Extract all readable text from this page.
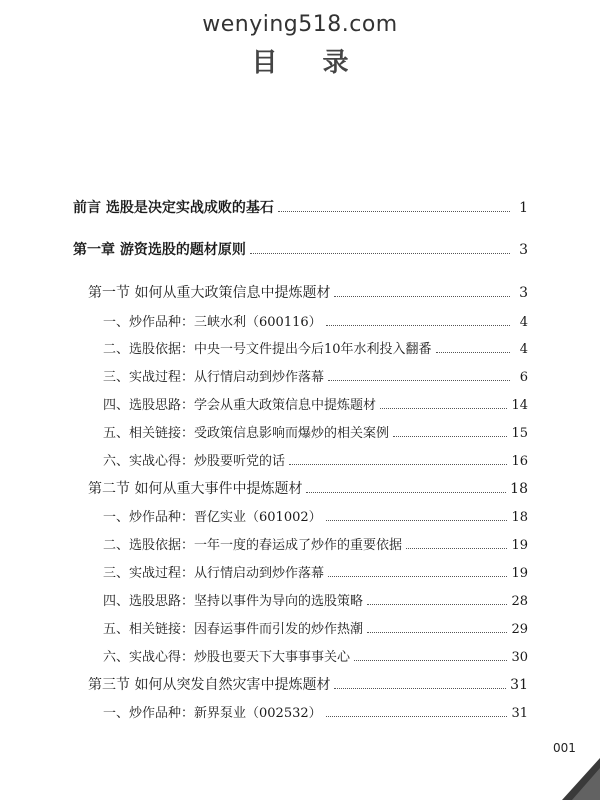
wenying518.com
目 录
前言 选股是决定实战成败的基石	1
第一章 游资选股的题材原则	3
第一节 如何从重大政策信息中提炼题材	3
一、炒作品种：三峡水利（600116）	4
二、选股依据：中央一号文件提出今后10年水利投入翻番	4
三、实战过程：从行情启动到炒作落幕	6
四、选股思路：学会从重大政策信息中提炼题材	14
五、相关链接：受政策信息影响而爆炒的相关案例	15
六、实战心得：炒股要听党的话	16
第二节 如何从重大事件中提炼题材	18
一、炒作品种：晋亿实业（601002）	18
二、选股依据：一年一度的春运成了炒作的重要依据	19
三、实战过程：从行情启动到炒作落幕	19
四、选股思路：坚持以事件为导向的选股策略	28
五、相关链接：因春运事件而引发的炒作热潮	29
六、实战心得：炒股也要天下大事事事关心	30
第三节 如何从突发自然灾害中提炼题材	31
一、炒作品种：新界泵业（002532）	31
001
